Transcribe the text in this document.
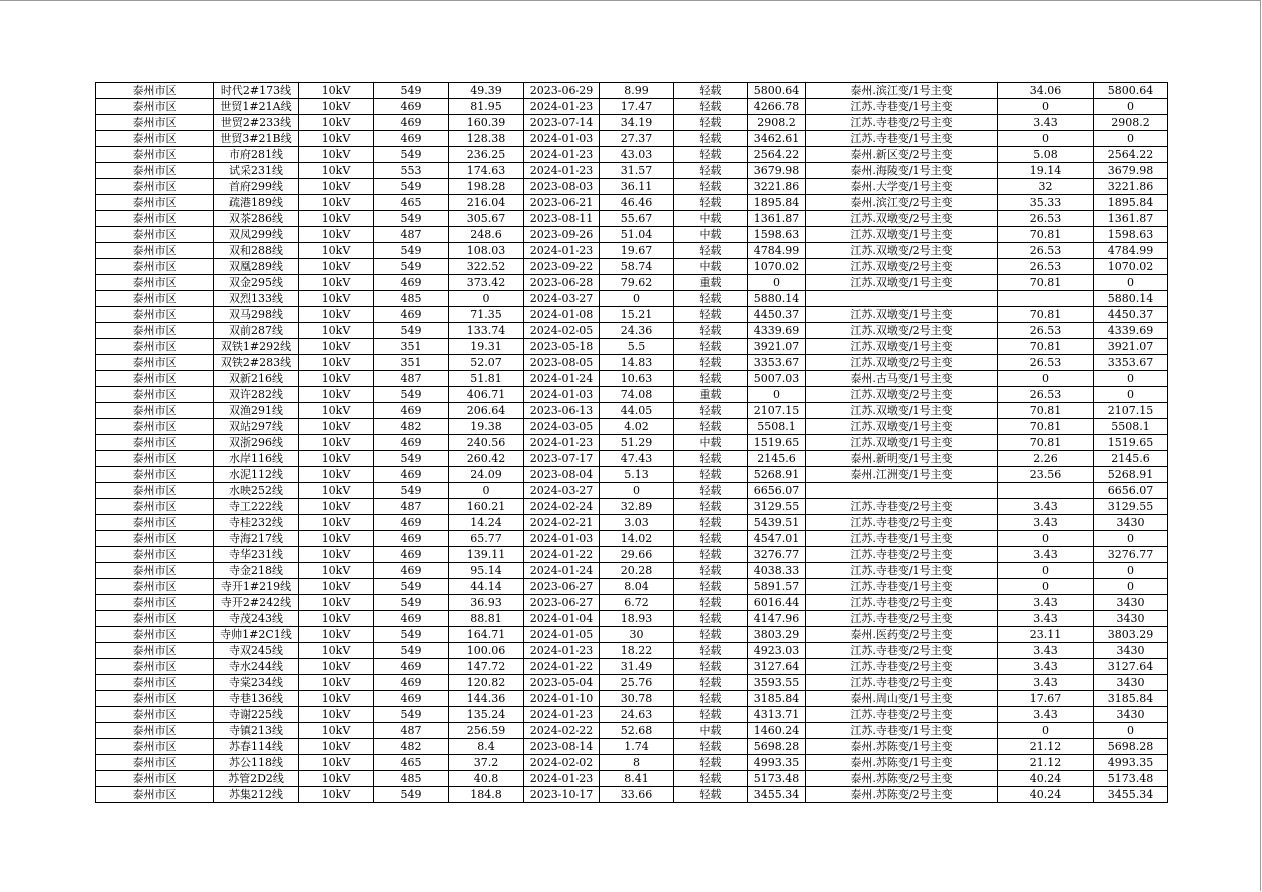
泰州市区	时代2#173线	10kV	549	49.39	2023-06-29	8.99	轻载	5800.64	泰州.滨江变/1号主变	34.06	5800.64
泰州市区	世贸1#21A线	10kV	469	81.95	2024-01-23	17.47	轻载	4266.78	江苏.寺巷变/1号主变	0	0
泰州市区	世贸2#233线	10kV	469	160.39	2023-07-14	34.19	轻载	2908.2	江苏.寺巷变/2号主变	3.43	2908.2
泰州市区	世贸3#21B线	10kV	469	128.38	2024-01-03	27.37	轻载	3462.61	江苏.寺巷变/1号主变	0	0
泰州市区	市府281线	10kV	549	236.25	2024-01-23	43.03	轻载	2564.22	泰州.新区变/2号主变	5.08	2564.22
泰州市区	试采231线	10kV	553	174.63	2024-01-23	31.57	轻载	3679.98	泰州.海陵变/1号主变	19.14	3679.98
泰州市区	首府299线	10kV	549	198.28	2023-08-03	36.11	轻载	3221.86	泰州.大学变/1号主变	32	3221.86
泰州市区	疏港189线	10kV	465	216.04	2023-06-21	46.46	轻载	1895.84	泰州.滨江变/2号主变	35.33	1895.84
泰州市区	双茶286线	10kV	549	305.67	2023-08-11	55.67	中载	1361.87	江苏.双墩变/2号主变	26.53	1361.87
泰州市区	双凤299线	10kV	487	248.6	2023-09-26	51.04	中载	1598.63	江苏.双墩变/1号主变	70.81	1598.63
泰州市区	双和288线	10kV	549	108.03	2024-01-23	19.67	轻载	4784.99	江苏.双墩变/2号主变	26.53	4784.99
泰州市区	双凰289线	10kV	549	322.52	2023-09-22	58.74	中载	1070.02	江苏.双墩变/2号主变	26.53	1070.02
泰州市区	双金295线	10kV	469	373.42	2023-06-28	79.62	重载	0	江苏.双墩变/1号主变	70.81	0
泰州市区	双烈133线	10kV	485	0	2024-03-27	0	轻载	5880.14			5880.14
泰州市区	双马298线	10kV	469	71.35	2024-01-08	15.21	轻载	4450.37	江苏.双墩变/1号主变	70.81	4450.37
泰州市区	双前287线	10kV	549	133.74	2024-02-05	24.36	轻载	4339.69	江苏.双墩变/2号主变	26.53	4339.69
泰州市区	双铁1#292线	10kV	351	19.31	2023-05-18	5.5	轻载	3921.07	江苏.双墩变/1号主变	70.81	3921.07
泰州市区	双铁2#283线	10kV	351	52.07	2023-08-05	14.83	轻载	3353.67	江苏.双墩变/2号主变	26.53	3353.67
泰州市区	双新216线	10kV	487	51.81	2024-01-24	10.63	轻载	5007.03	泰州.古马变/1号主变	0	0
泰州市区	双许282线	10kV	549	406.71	2024-01-03	74.08	重载	0	江苏.双墩变/2号主变	26.53	0
泰州市区	双渔291线	10kV	469	206.64	2023-06-13	44.05	轻载	2107.15	江苏.双墩变/1号主变	70.81	2107.15
泰州市区	双站297线	10kV	482	19.38	2024-03-05	4.02	轻载	5508.1	江苏.双墩变/1号主变	70.81	5508.1
泰州市区	双浙296线	10kV	469	240.56	2024-01-23	51.29	中载	1519.65	江苏.双墩变/1号主变	70.81	1519.65
泰州市区	水岸116线	10kV	549	260.42	2023-07-17	47.43	轻载	2145.6	泰州.新明变/1号主变	2.26	2145.6
泰州市区	水泥112线	10kV	469	24.09	2023-08-04	5.13	轻载	5268.91	泰州.江洲变/1号主变	23.56	5268.91
泰州市区	水映252线	10kV	549	0	2024-03-27	0	轻载	6656.07			6656.07
泰州市区	寺工222线	10kV	487	160.21	2024-02-24	32.89	轻载	3129.55	江苏.寺巷变/2号主变	3.43	3129.55
泰州市区	寺桂232线	10kV	469	14.24	2024-02-21	3.03	轻载	5439.51	江苏.寺巷变/2号主变	3.43	3430
泰州市区	寺海217线	10kV	469	65.77	2024-01-03	14.02	轻载	4547.01	江苏.寺巷变/1号主变	0	0
泰州市区	寺华231线	10kV	469	139.11	2024-01-22	29.66	轻载	3276.77	江苏.寺巷变/2号主变	3.43	3276.77
泰州市区	寺金218线	10kV	469	95.14	2024-01-24	20.28	轻载	4038.33	江苏.寺巷变/1号主变	0	0
泰州市区	寺开1#219线	10kV	549	44.14	2023-06-27	8.04	轻载	5891.57	江苏.寺巷变/1号主变	0	0
泰州市区	寺开2#242线	10kV	549	36.93	2023-06-27	6.72	轻载	6016.44	江苏.寺巷变/2号主变	3.43	3430
泰州市区	寺茂243线	10kV	469	88.81	2024-01-04	18.93	轻载	4147.96	江苏.寺巷变/2号主变	3.43	3430
泰州市区	寺帅1#2C1线	10kV	549	164.71	2024-01-05	30	轻载	3803.29	泰州.医药变/2号主变	23.11	3803.29
泰州市区	寺双245线	10kV	549	100.06	2024-01-23	18.22	轻载	4923.03	江苏.寺巷变/2号主变	3.43	3430
泰州市区	寺水244线	10kV	469	147.72	2024-01-22	31.49	轻载	3127.64	江苏.寺巷变/2号主变	3.43	3127.64
泰州市区	寺棠234线	10kV	469	120.82	2023-05-04	25.76	轻载	3593.55	江苏.寺巷变/2号主变	3.43	3430
泰州市区	寺巷136线	10kV	469	144.36	2024-01-10	30.78	轻载	3185.84	泰州.周山变/1号主变	17.67	3185.84
泰州市区	寺谢225线	10kV	549	135.24	2024-01-23	24.63	轻载	4313.71	江苏.寺巷变/2号主变	3.43	3430
泰州市区	寺镇213线	10kV	487	256.59	2024-02-22	52.68	中载	1460.24	江苏.寺巷变/1号主变	0	0
泰州市区	苏春114线	10kV	482	8.4	2023-08-14	1.74	轻载	5698.28	泰州.苏陈变/1号主变	21.12	5698.28
泰州市区	苏公118线	10kV	465	37.2	2024-02-02	8	轻载	4993.35	泰州.苏陈变/1号主变	21.12	4993.35
泰州市区	苏管2D2线	10kV	485	40.8	2024-01-23	8.41	轻载	5173.48	泰州.苏陈变/2号主变	40.24	5173.48
泰州市区	苏集212线	10kV	549	184.8	2023-10-17	33.66	轻载	3455.34	泰州.苏陈变/2号主变	40.24	3455.34
